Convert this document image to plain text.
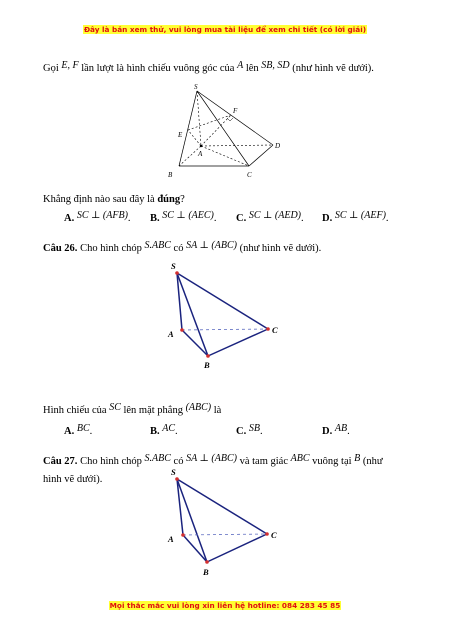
Đây là bản xem thử, vui lòng mua tài liệu để xem chi tiết (có lời giải)
Gọi E, F lần lượt là hình chiếu vuông góc của A lên SB, SD (như hình vẽ dưới).
S
F
E
A
D
B	C
Khẳng định nào sau đây là đúng?
A. SC ⊥ (AFB). B. SC ⊥ (AEC). C. SC ⊥ (AED). D. SC ⊥ (AEF).
Câu 26. Cho hình chóp S.ABC có SA ⊥ (ABC) (như hình vẽ dưới).
S
A	C
B
Hình chiếu của SC lên mặt phẳng (ABC) là
A. BC.	B. AC.	C. SB.	D. AB.
Câu 27. Cho hình chóp S.ABC có SA ⊥ (ABC) và tam giác ABC vuông tại B (như
hình vẽ dưới).
S
A	C
B
Mọi thắc mắc vui lòng xin liên hệ hotline: 084 283 45 85
